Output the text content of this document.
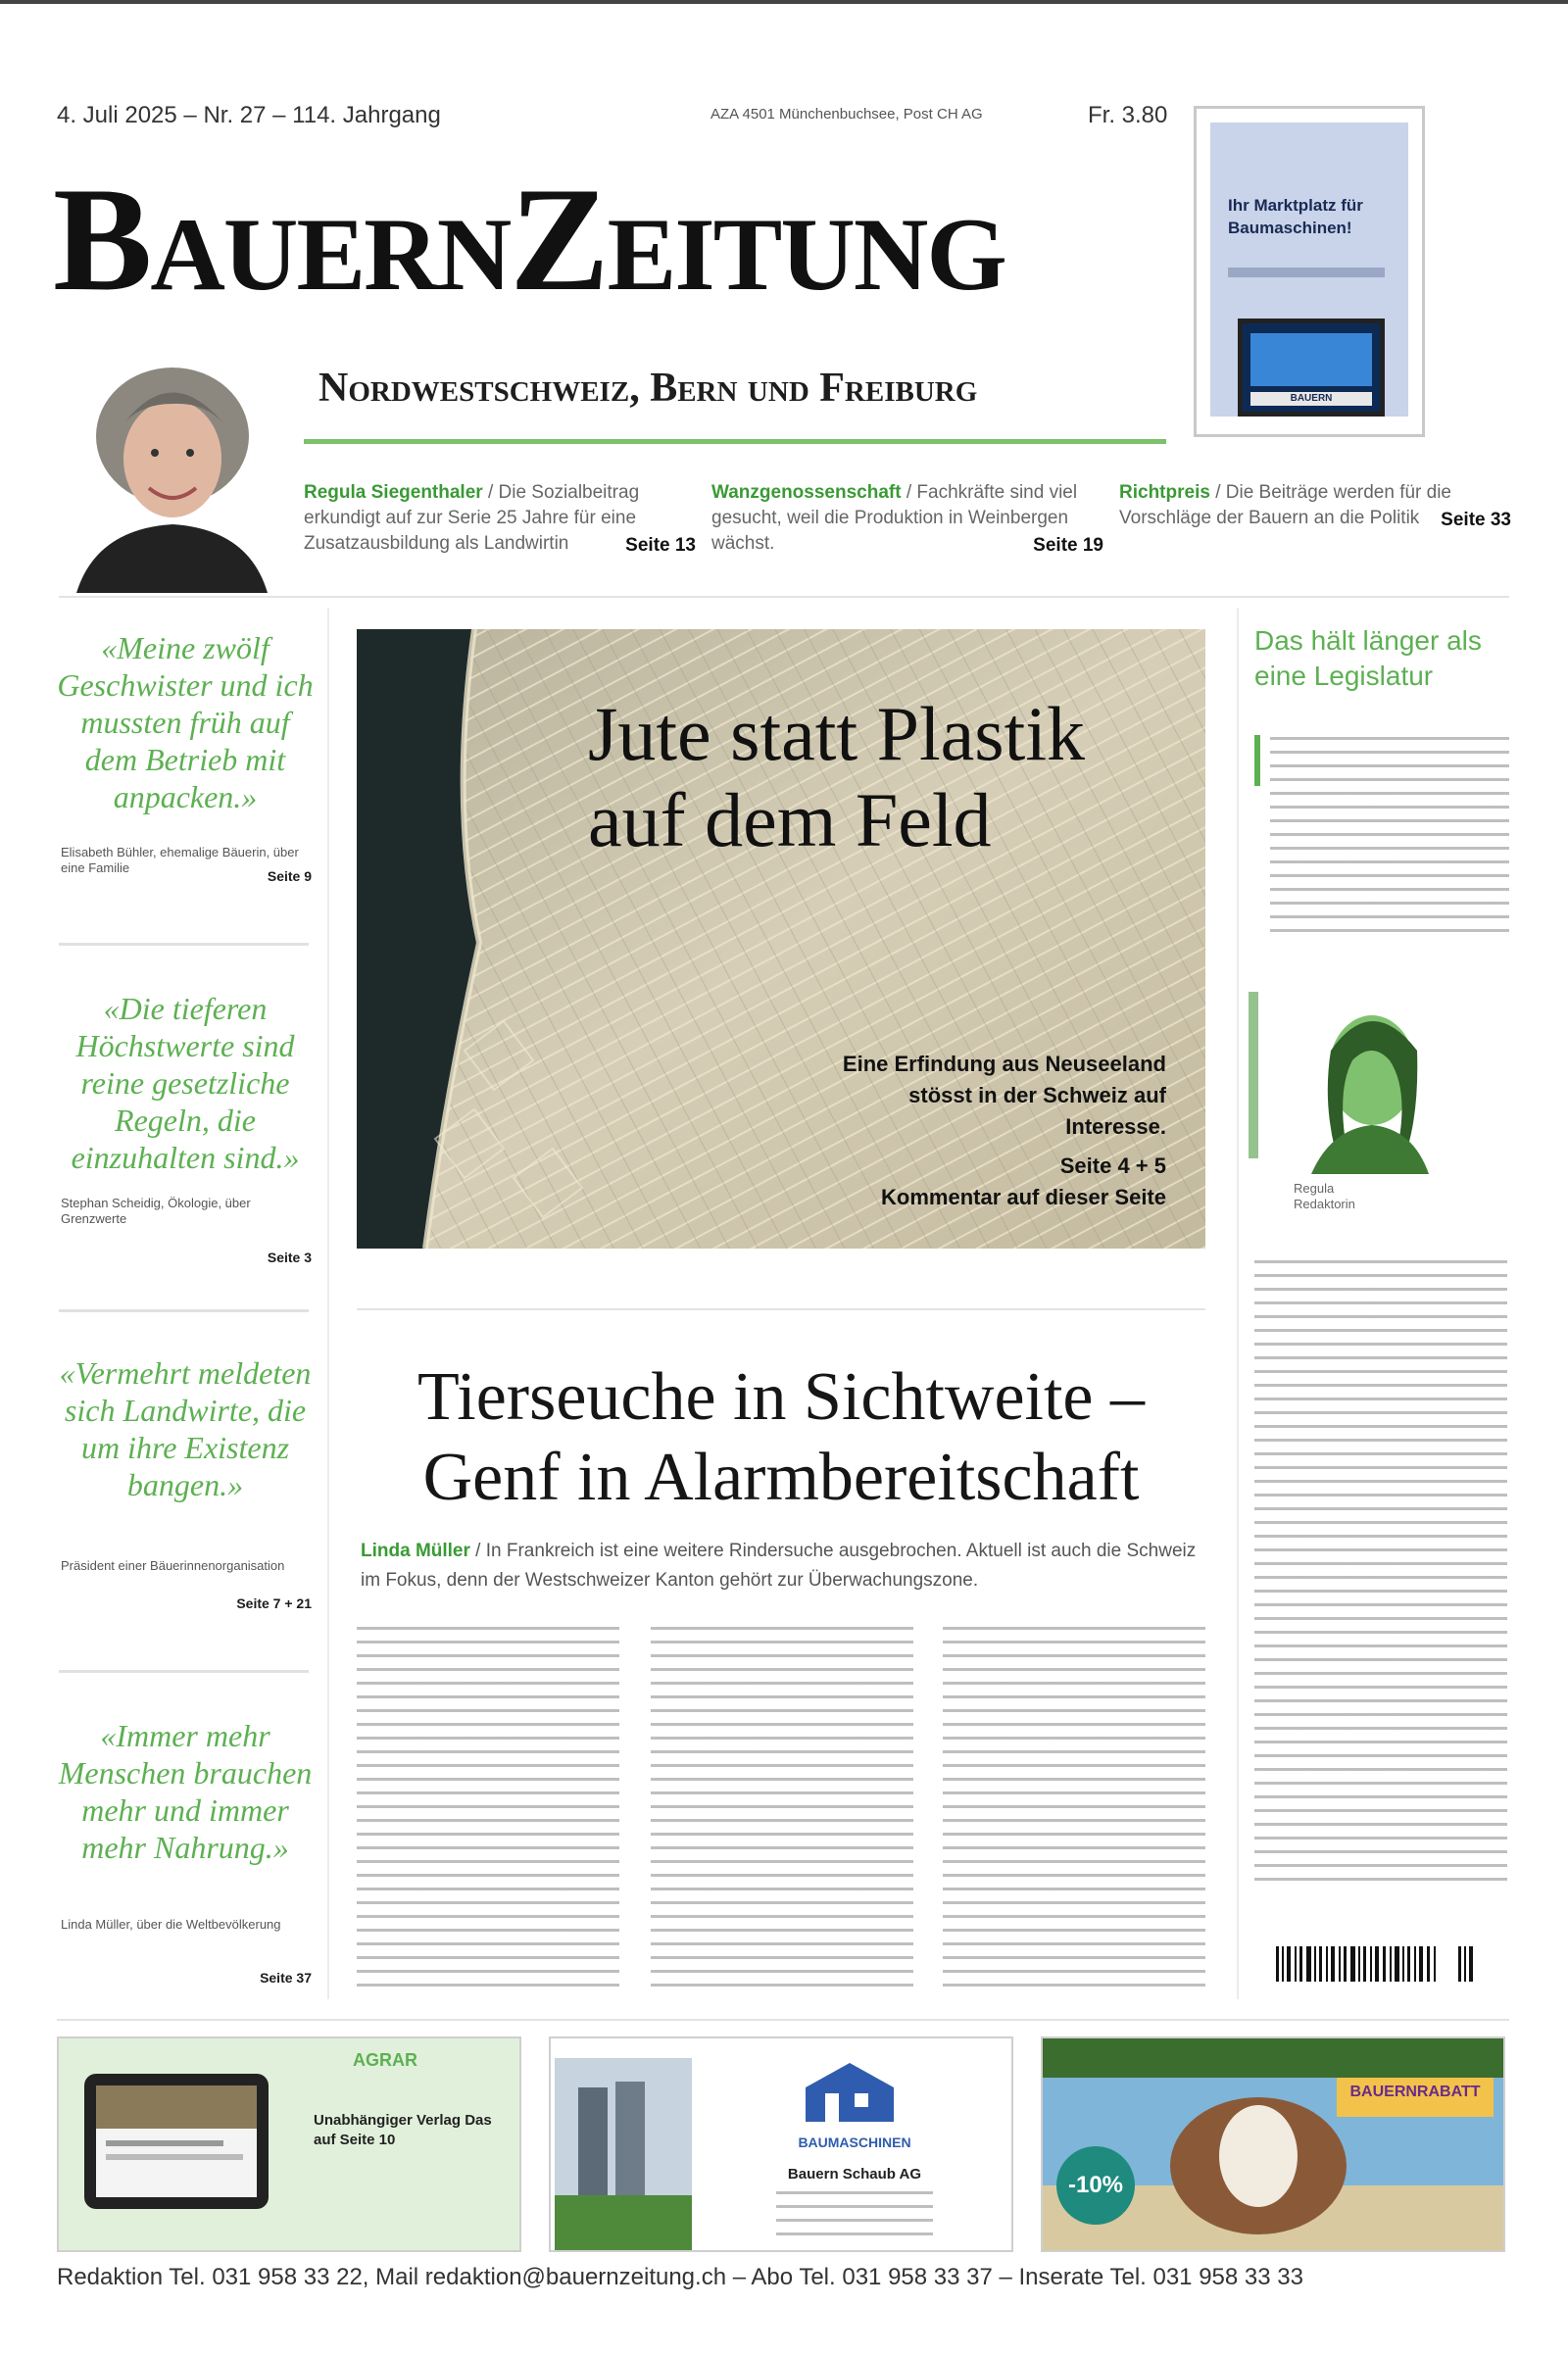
4. Juli 2025 – Nr. 27 – 114. Jahrgang	AZA 4501 Münchenbuchsee, Post CH AG	Fr. 3.80
BauernZeitung
Nordwestschweiz, Bern und Freiburg
Ihr Marktplatz für Baumaschinen!
BAUERN
Regula Siegenthaler / Die Sozialbeitrag erkundigt auf zur Serie 25 Jahre für eine Zusatzausbildung als Landwirtin	Seite 13
Wanzgenossenschaft / Fachkräfte sind viel gesucht, weil die Produktion in Weinbergen wächst.	Seite 19
Richtpreis / Die Beiträge werden für die Vorschläge der Bauern an die Politik Seite 33
«Meine zwölf Geschwister und ich mussten früh auf dem Betrieb mit anpacken.»
Elisabeth Bühler, ehemalige Bäuerin, über eine Familie
Seite 9
«Die tieferen Höchstwerte sind reine gesetzliche Regeln, die einzuhalten sind.»
Stephan Scheidig, Ökologie, über Grenzwerte
Seite 3
«Vermehrt meldeten sich Landwirte, die um ihre Existenz bangen.»
Präsident einer Bäuerinnenorganisation
Seite 7 + 21
«Immer mehr Menschen brauchen mehr und immer mehr Nahrung.»
Linda Müller, über die Weltbevölkerung
Seite 37
Jute statt Plastik auf dem Feld
Eine Erfindung aus Neuseeland stösst in der Schweiz auf Interesse.
Seite 4 + 5
Kommentar auf dieser Seite
Tierseuche in Sichtweite – Genf in Alarmbereitschaft
Linda Müller / In Frankreich ist eine weitere Rindersuche ausgebrochen. Aktuell ist auch die Schweiz im Fokus, denn der Westschweizer Kanton gehört zur Überwachungszone.
Das hält länger als eine Legislatur
Regula
Redaktorin
AGRAR
Unabhängiger Verlag Das auf Seite 10	BAUMASCHINEN
Bauern Schaub AG
BAUERNRABATT
-10%
Redaktion Tel. 031 958 33 22, Mail redaktion@bauernzeitung.ch – Abo Tel. 031 958 33 37 – Inserate Tel. 031 958 33 33
